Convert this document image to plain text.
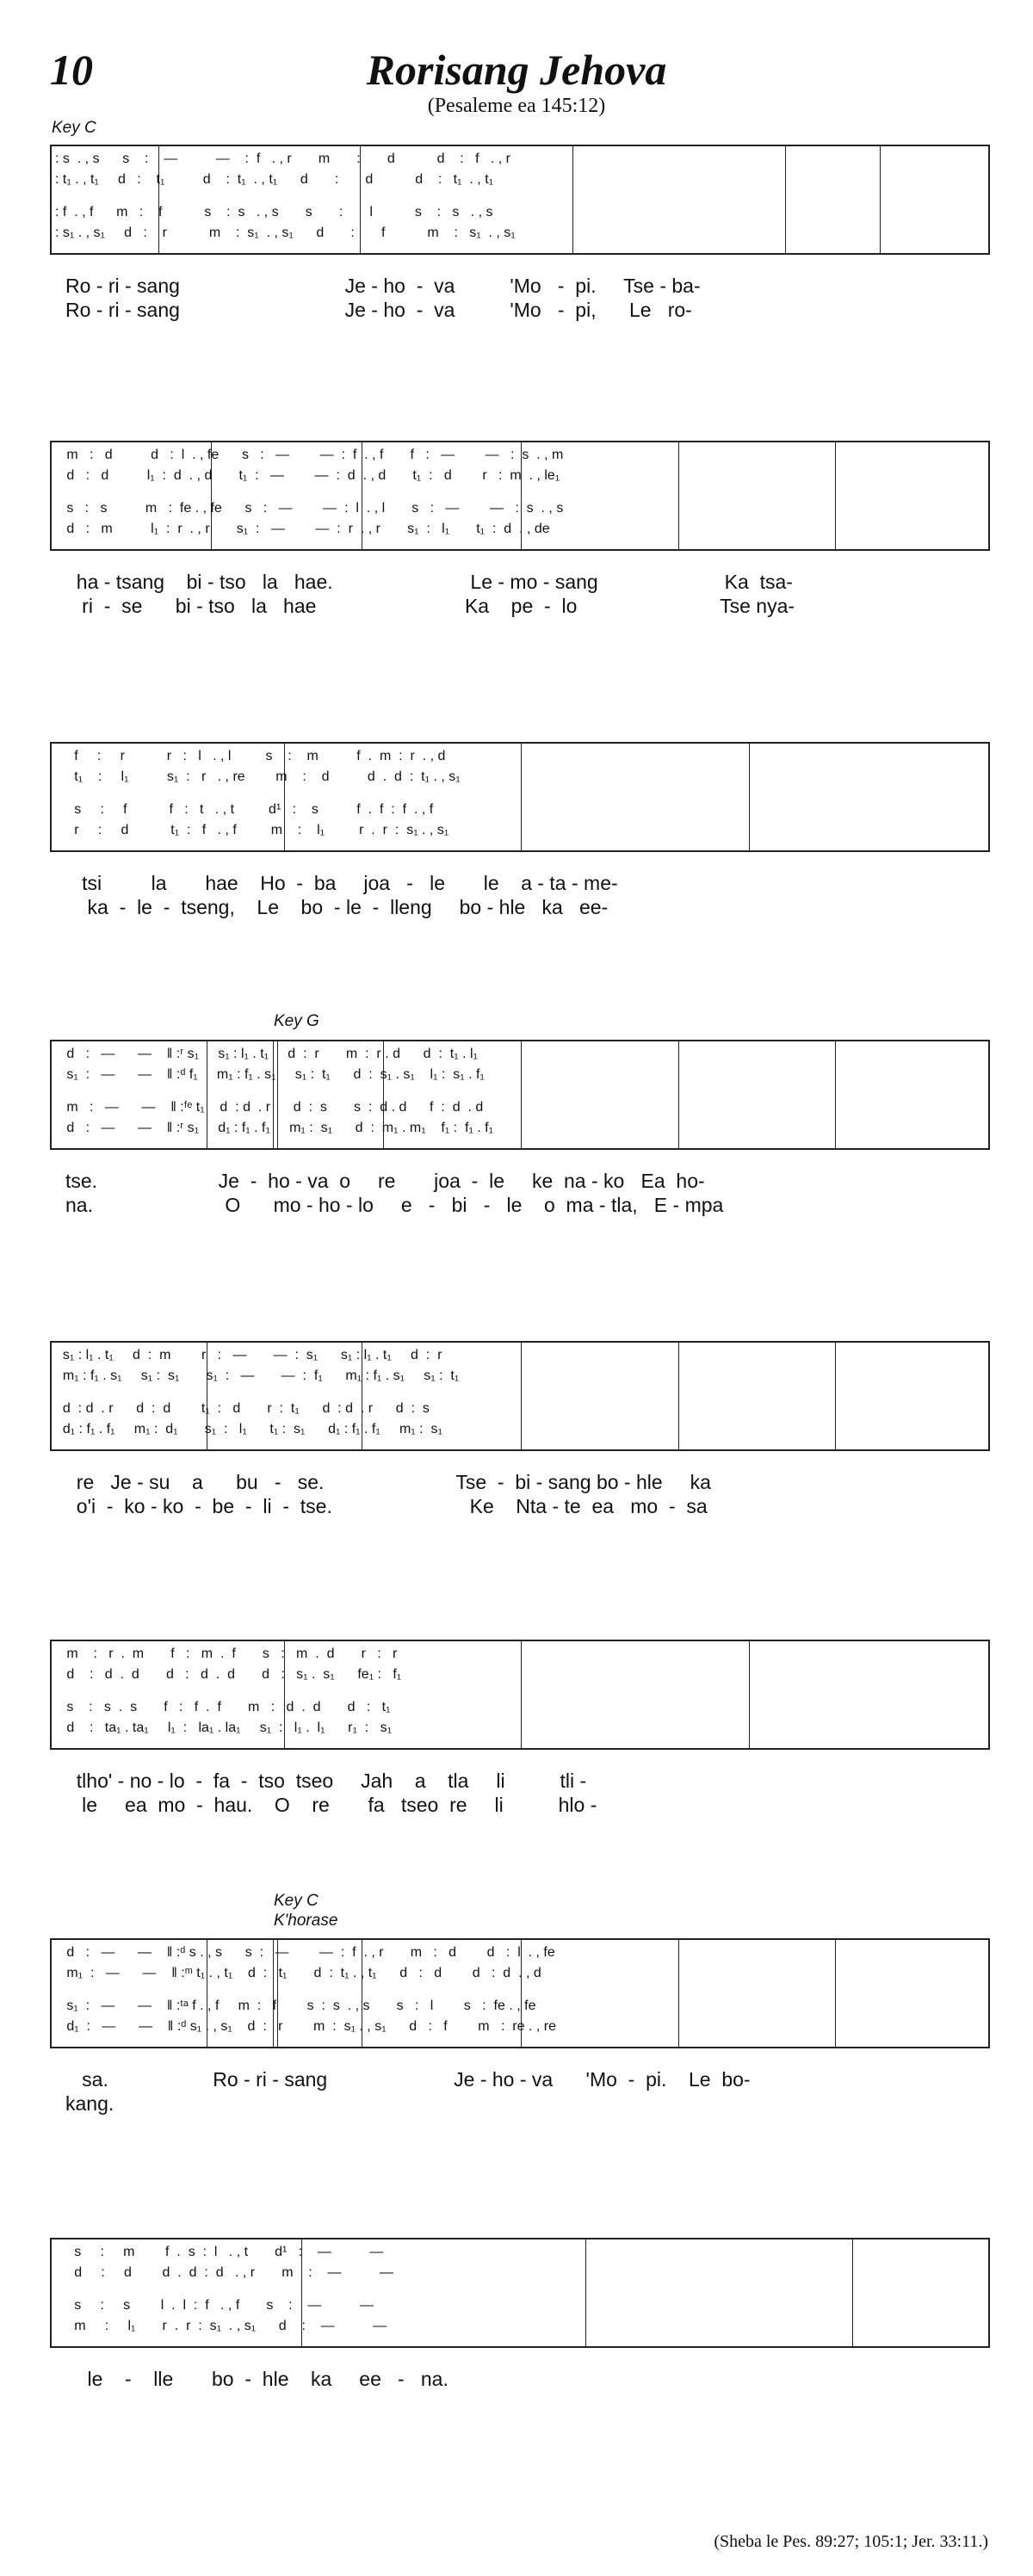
10	Rorisang Jehova
(Pesaleme ea 145:12)
Key C
: s  . , s      s    :    —          —    :  f   . , r       m       :       d           d    :   f   . , r
: t₁ . , t₁     d   :    t₁          d    :  t₁  . , t₁      d       :       d           d    :   t₁  . , t₁
: f  . , f      m   :    f           s    :  s   . , s       s       :       l           s    :   s   . , s
: s₁ . , s₁     d   :    r           m    :  s₁  . , s₁      d       :       f           m    :   s₁  . , s₁
Ro - ri - sang                              Je - ho  -  va          'Mo   -  pi.     Tse - ba-
Ro - ri - sang                              Je - ho  -  va          'Mo   -  pi,      Le   ro-
m   :   d          d   :  l  . , fe      s   :   —        —  :  f  . , f       f   :   —        —   :  s  . , m
d   :   d          l₁  :  d  . , d       t₁  :   —        —  :  d  . , d       t₁  :   d        r   :  m  . , le₁
s   :   s          m   :  fe . , fe      s   :   —        —  :  l  . , l       s   :   —        —   :  s  . , s
d   :   m          l₁  :  r  . , r       s₁  :   —        —  :  r  . , r       s₁  :   l₁       t₁  :  d  . , de
ha - tsang    bi - tso   la   hae.                         Le - mo - sang                       Ka  tsa-
ri  -  se      bi - tso   la   hae                           Ka    pe  -  lo                          Tse nya-
f     :     r           r   :   l   . , l         s    :    m          f  .  m  :  r  . , d
t₁    :     l₁          s₁  :   r   . , re        m    :    d          d  .  d  :  t₁ . , s₁
s     :     f           f   :   t   . , t         d¹   :    s          f  .  f  :  f  . , f
r     :     d           t₁  :   f   . , f         m    :    l₁         r  .  r  :  s₁ . , s₁
tsi         la       hae    Ho  -  ba     joa   -   le       le    a - ta - me-
ka  -  le  -  tseng,    Le    bo  - le  -  lleng     bo - hle   ka   ee-
Key G
d   :   —      —    ‖ :ʳ s₁     s₁ : l₁ . t₁     d  :  r       m  :  r . d      d  :  t₁ . l₁
s₁  :   —      —    ‖ :ᵈ f₁     m₁ : f₁ . s₁     s₁ :  t₁      d  :  s₁ . s₁    l₁ :  s₁ . f₁
m   :   —      —    ‖ :ᶠᵉ t₁    d  : d  . r      d  :  s       s  :  d . d      f  :  d  . d
d   :   —      —    ‖ :ʳ s₁     d₁ : f₁ . f₁     m₁ :  s₁      d  :  m₁ . m₁    f₁ :  f₁ . f₁
tse.                      Je  -  ho - va  o     re       joa  -  le     ke  na - ko   Ea  ho-
na.                        O      mo - ho - lo     e   -   bi   -   le    o  ma - tla,   E - mpa
s₁ : l₁ . t₁     d  :  m        r   :   —       —  :  s₁      s₁ : l₁ . t₁     d  :  r
m₁ : f₁ . s₁     s₁ :  s₁       s₁  :   —       —  :  f₁      m₁ : f₁ . s₁     s₁ :  t₁
d  : d  . r      d  :  d        t₁  :   d       r  :  t₁      d  : d  . r      d  :  s
d₁ : f₁ . f₁     m₁ :  d₁       s₁  :   l₁      t₁ :  s₁      d₁ : f₁ . f₁     m₁ :  s₁
re   Je - su    a      bu   -   se.                        Tse  -  bi - sang bo - hle     ka
o'i  -  ko - ko  -  be  -  li  -  tse.                         Ke    Nta - te  ea   mo  -  sa
m    :   r  .  m       f   :   m  .  f       s   :   m  .  d       r   :   r
d    :   d  .  d       d   :   d  .  d       d   :   s₁ .  s₁      fe₁ :   f₁
s    :   s  .  s       f   :   f  .  f       m   :   d  .  d       d   :   t₁
d    :   ta₁ . ta₁     l₁  :   la₁ . la₁     s₁  :   l₁ .  l₁      r₁  :   s₁
tlho' - no - lo  -  fa  -  tso  tseo     Jah    a    tla     li          tli -
le     ea  mo  -  hau.    O    re       fa   tseo  re     li          hlo -
Key C
K'horase
d   :   —      —    ‖ :ᵈ s . , s      s  :   —        —  :  f  . , r       m   :   d        d   :  l  . , fe
m₁  :   —      —    ‖ :ᵐ t₁ . , t₁    d  :   t₁       d  :  t₁ . , t₁      d   :   d        d   :  d  . , d
s₁  :   —      —    ‖ :ᵗᵃ f . , f     m  :   f        s  :  s  . , s       s   :   l        s   :  fe . , fe
d₁  :   —      —    ‖ :ᵈ s₁ . , s₁    d  :   r        m  :  s₁ . , s₁      d   :   f        m   :  re . , re
sa.                   Ro - ri - sang                       Je - ho - va      'Mo  -  pi.    Le  bo-
kang.
s     :     m        f  .  s  :  l   . , t       d¹   :    —          —
d     :     d        d  .  d  :  d   . , r       m    :    —          —
s     :     s        l  .  l  :  f   . , f       s    :    —          —
m     :     l₁       r  .  r  :  s₁  . , s₁      d    :    —          —
le    -    lle       bo  -  hle    ka     ee   -   na.
(Sheba le Pes. 89:27; 105:1; Jer. 33:11.)
